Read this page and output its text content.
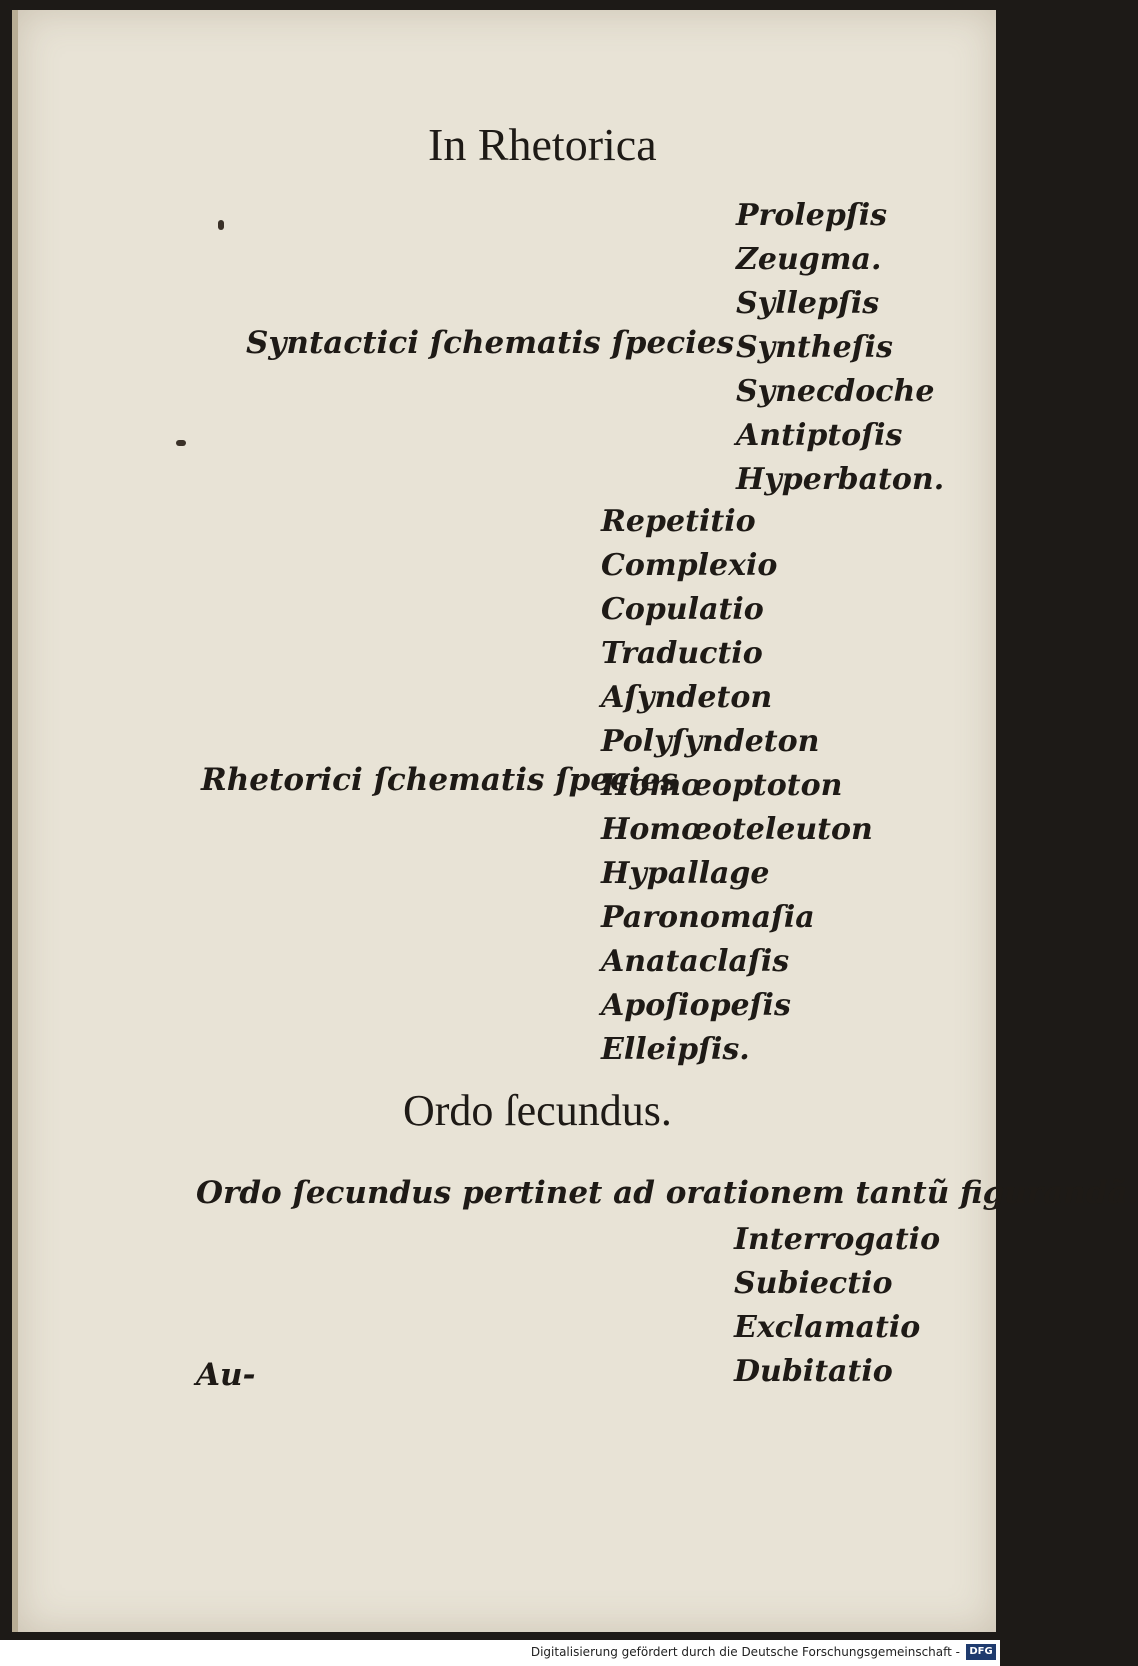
In Rhetorica
Syntactici ſchematis ſpecies
Prolepſis
Zeugma.
Syllepſis
Syntheſis
Synecdoche
Antiptoſis
Hyperbaton.
Rhetorici ſchematis ſpecies
Repetitio
Complexio
Copulatio
Traductio
Aſyndeton
Polyſyndeton
Homœoptoton
Homœoteleuton
Hypallage
Paronomaſia
Anataclaſis
Apoſiopeſis
Elleipſis.
Ordo ſecundus.
Ordo ſecundus pertinet ad orationem tantũ figurandã.
Interrogatio
Subiectio
Exclamatio
Dubitatio
Au-
Digitalisierung gefördert durch die Deutsche Forschungsgemeinschaft - DFG
